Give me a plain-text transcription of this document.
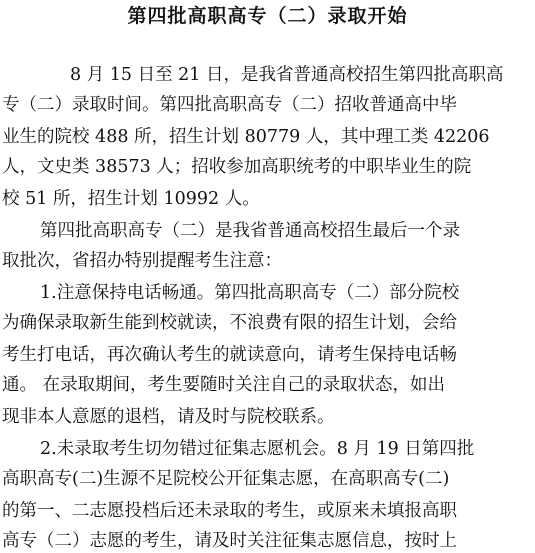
第四批高职高专（二）录取开始
8 月 15 日至 21 日，是我省普通高校招生第四批高职高
专（二）录取时间。第四批高职高专（二）招收普通高中毕
业生的院校 488 所，招生计划 80779 人，其中理工类 42206
人，文史类 38573 人；招收参加高职统考的中职毕业生的院
校 51 所，招生计划 10992 人。
第四批高职高专（二）是我省普通高校招生最后一个录
取批次，省招办特别提醒考生注意：
1.注意保持电话畅通。第四批高职高专（二）部分院校
为确保录取新生能到校就读，不浪费有限的招生计划，会给
考生打电话，再次确认考生的就读意向，请考生保持电话畅
通。 在录取期间，考生要随时关注自己的录取状态，如出
现非本人意愿的退档，请及时与院校联系。
2.未录取考生切勿错过征集志愿机会。8 月 19 日第四批
高职高专(二)生源不足院校公开征集志愿，在高职高专(二)
的第一、二志愿投档后还未录取的考生，或原来未填报高职
高专（二）志愿的考生，请及时关注征集志愿信息，按时上
